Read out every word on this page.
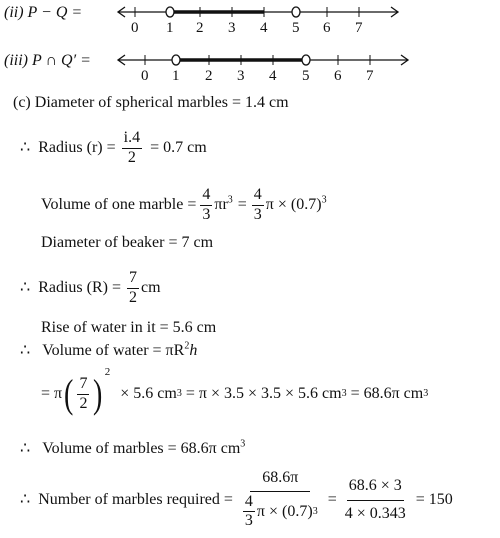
(ii) P − Q =
0 1 2 3 4 5 6 7
(iii) P ∩ Q′ =
0 1 2 3 4 5 6 7
(c) Diameter of spherical marbles = 1.4 cm
∴ Radius $(r) = \frac{i.4}{2} = 0.7$ cm
Volume of one marble = $\frac{4}{3} \pi r^3 = \frac{4}{3}$ $\pi \times (0.7)^3$
Diameter of beaker = 7 cm
∴ Radius $(R) = \frac{7}{2}$ cm
Rise of water in it = 5.6 cm
∴ Volume of water = $\pi R^2h$
= π ( $\frac{7}{2}$ ) 2
× 5.6 cm 3 = π × 3.5 × 3.5 × 5.6 cm 3 = 68.6π cm 3
∴ Volume of marbles = 68.6π $cm^3$
∴ Number of marbles required = $\frac{68.6\pi}{\frac{4}{3} \pi \times (0.7) 3} = \frac{68.6 \times 3}{4 \times 0.343} = 150$
